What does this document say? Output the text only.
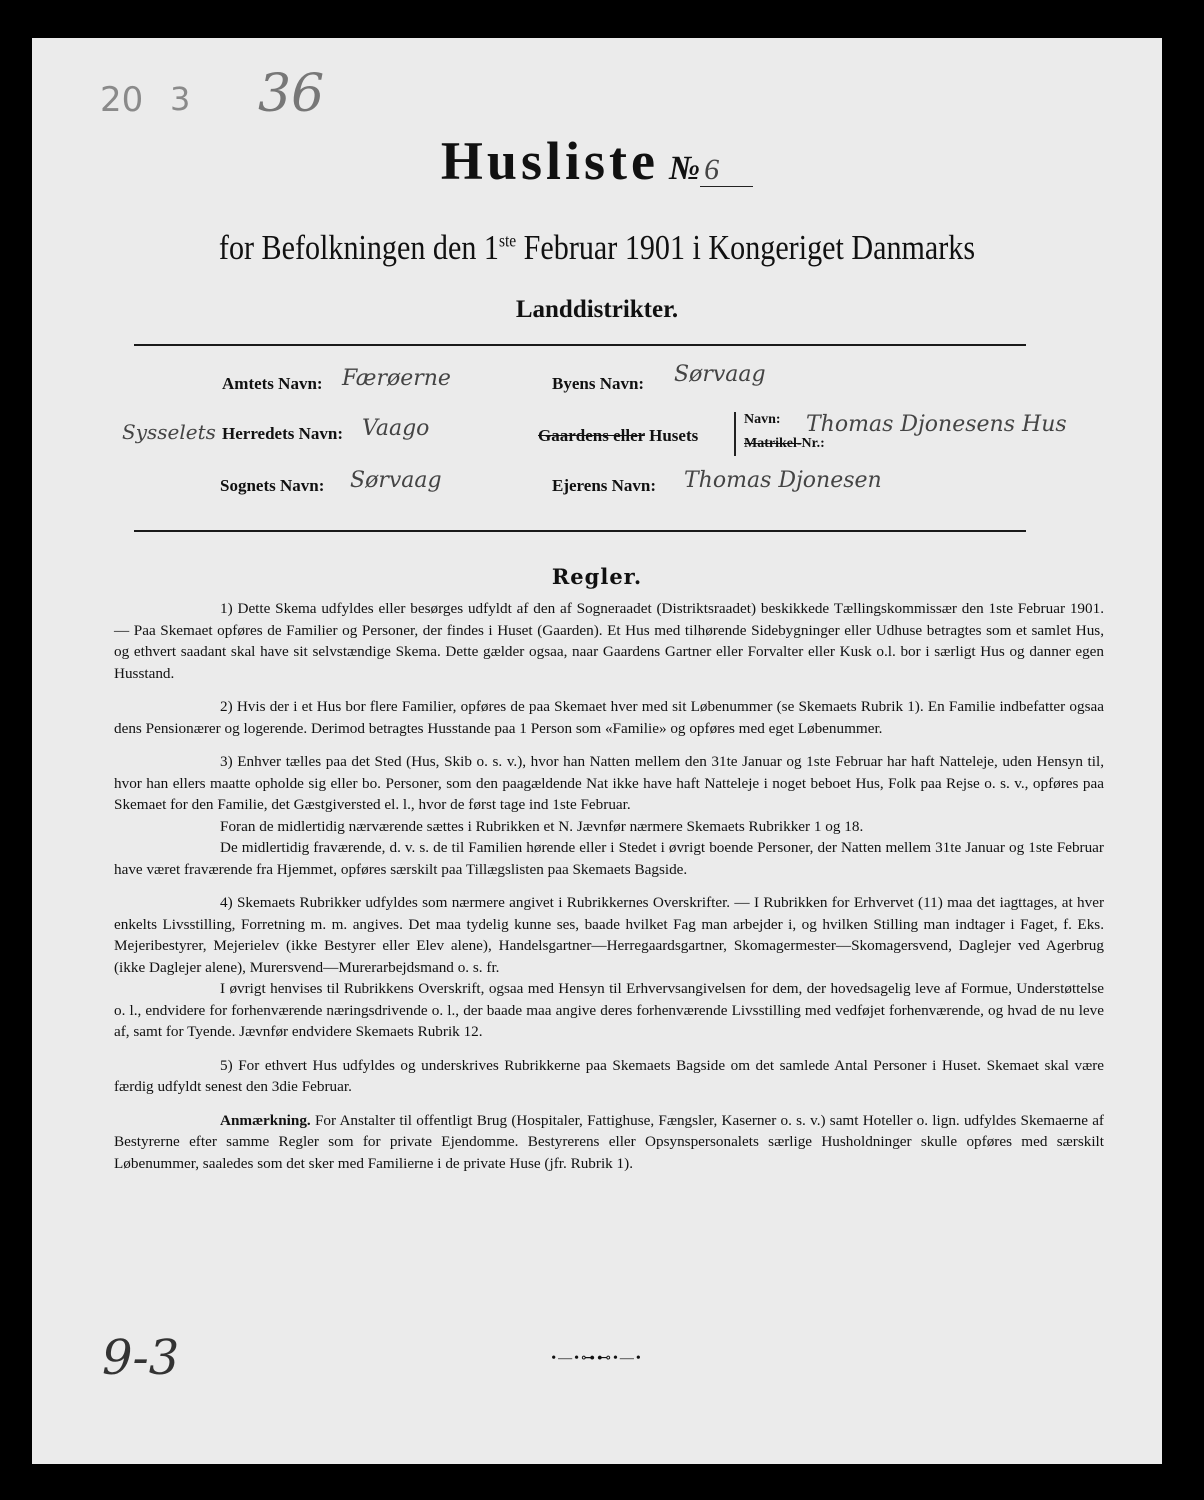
20 3 36
Husliste № 6
for Befolkningen den 1ste Februar 1901 i Kongeriget Danmarks
Landdistrikter.
Amtets Navn: Færøerne
Sysselets Herredets Navn: Vaago
Sognets Navn: Sørvaag
Byens Navn: Sørvaag
Gaardens eller Husets
Navn:
Matrikel-Nr.:
Thomas Djonesens Hus
Ejerens Navn: Thomas Djonesen
Regler.

1) Dette Skema udfyldes eller besørges udfyldt af den af Sogneraadet (Distriktsraadet) beskikkede Tællingskommissær den 1ste Februar 1901. — Paa Skemaet opføres de Familier og Personer, der findes i Huset (Gaarden). Et Hus med tilhørende Sidebygninger eller Udhuse betragtes som et samlet Hus, og ethvert saadant skal have sit selvstændige Skema. Dette gælder ogsaa, naar Gaardens Gartner eller Forvalter eller Kusk o.l. bor i særligt Hus og danner egen Husstand.

2) Hvis der i et Hus bor flere Familier, opføres de paa Skemaet hver med sit Løbenummer (se Skemaets Rubrik 1). En Familie indbefatter ogsaa dens Pensionærer og logerende. Derimod betragtes Husstande paa 1 Person som «Familie» og opføres med eget Løbenummer.

3) Enhver tælles paa det Sted (Hus, Skib o. s. v.), hvor han Natten mellem den 31te Januar og 1ste Februar har haft Natteleje, uden Hensyn til, hvor han ellers maatte opholde sig eller bo. Personer, som den paagældende Nat ikke have haft Natteleje i noget beboet Hus, Folk paa Rejse o. s. v., opføres paa Skemaet for den Familie, det Gæstgiversted el. l., hvor de først tage ind 1ste Februar.

Foran de midlertidig nærværende sættes i Rubrikken et N. Jævnfør nærmere Skemaets Rubrikker 1 og 18.

De midlertidig fraværende, d. v. s. de til Familien hørende eller i Stedet i øvrigt boende Personer, der Natten mellem 31te Januar og 1ste Februar have været fraværende fra Hjemmet, opføres særskilt paa Tillægslisten paa Skemaets Bagside.

4) Skemaets Rubrikker udfyldes som nærmere angivet i Rubrikkernes Overskrifter. — I Rubrikken for Erhvervet (11) maa det iagttages, at hver enkelts Livsstilling, Forretning m. m. angives. Det maa tydelig kunne ses, baade hvilket Fag man arbejder i, og hvilken Stilling man indtager i Faget, f. Eks. Mejeribestyrer, Mejerielev (ikke Bestyrer eller Elev alene), Handelsgartner—Herregaardsgartner, Skomagermester—Skomagersvend, Daglejer ved Agerbrug (ikke Daglejer alene), Murersvend—Murerarbejdsmand o. s. fr.

I øvrigt henvises til Rubrikkens Overskrift, ogsaa med Hensyn til Erhvervsangivelsen for dem, der hovedsagelig leve af Formue, Understøttelse o. l., endvidere for forhenværende næringsdrivende o. l., der baade maa angive deres forhenværende Livsstilling med vedføjet forhenværende, og hvad de nu leve af, samt for Tyende. Jævnfør endvidere Skemaets Rubrik 12.

5) For ethvert Hus udfyldes og underskrives Rubrikkerne paa Skemaets Bagside om det samlede Antal Personer i Huset. Skemaet skal være færdig udfyldt senest den 3die Februar.

Anmærkning. For Anstalter til offentligt Brug (Hospitaler, Fattighuse, Fængsler, Kaserner o. s. v.) samt Hoteller o. lign. udfyldes Skemaerne af Bestyrerne efter samme Regler som for private Ejendomme. Bestyrerens eller Opsynspersonalets særlige Husholdninger skulle opføres med særskilt Løbenummer, saaledes som det sker med Familierne i de private Huse (jfr. Rubrik 1).

9-3	•—•⊶⊷•—•
